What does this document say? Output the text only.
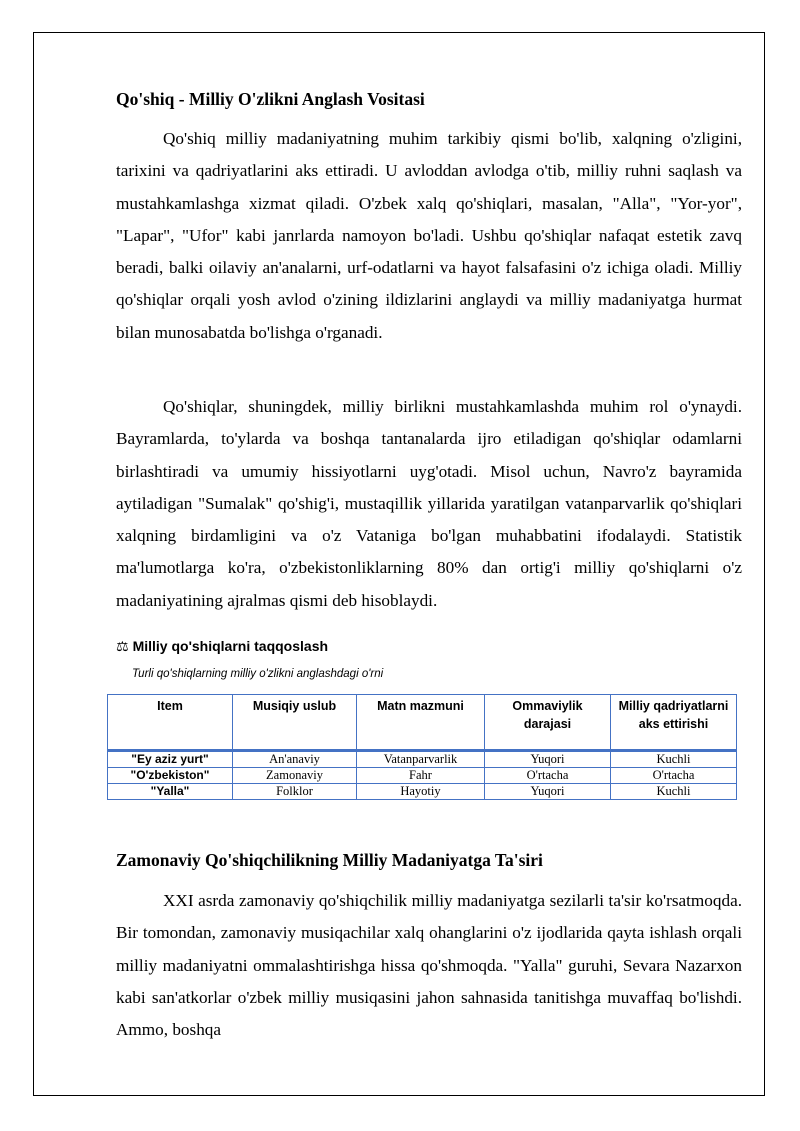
Qo'shiq - Milliy O'zlikni Anglash Vositasi

Qo'shiq milliy madaniyatning muhim tarkibiy qismi bo'lib, xalqning o'zligini, tarixini va qadriyatlarini aks ettiradi. U avloddan avlodga o'tib, milliy ruhni saqlash va mustahkamlashga xizmat qiladi. O'zbek xalq qo'shiqlari, masalan, "Alla", "Yor-yor", "Lapar", "Ufor" kabi janrlarda namoyon bo'ladi. Ushbu qo'shiqlar nafaqat estetik zavq beradi, balki oilaviy an'analarni, urf-odatlarni va hayot falsafasini o'z ichiga oladi. Milliy qo'shiqlar orqali yosh avlod o'zining ildizlarini anglaydi va milliy madaniyatga hurmat bilan munosabatda bo'lishga o'rganadi.

Qo'shiqlar, shuningdek, milliy birlikni mustahkamlashda muhim rol o'ynaydi. Bayramlarda, to'ylarda va boshqa tantanalarda ijro etiladigan qo'shiqlar odamlarni birlashtiradi va umumiy hissiyotlarni uyg'otadi. Misol uchun, Navro'z bayramida aytiladigan "Sumalak" qo'shig'i, mustaqillik yillarida yaratilgan vatanparvarlik qo'shiqlari xalqning birdamligini va o'z Vataniga bo'lgan muhabbatini ifodalaydi. Statistik ma'lumotlarga ko'ra, o'zbekistonliklarning 80% dan ortig'i milliy qo'shiqlarni o'z madaniyatining ajralmas qismi deb hisoblaydi.

⚖ Milliy qo'shiqlarni taqqoslash
Turli qo'shiqlarning milliy o'zlikni anglashdagi o'rni
Item	Musiqiy uslub	Matn mazmuni	Ommaviylik darajasi	Milliy qadriyatlarni aks ettirishi
"Ey aziz yurt"	An'anaviy	Vatanparvarlik	Yuqori	Kuchli
"O'zbekiston"	Zamonaviy	Fahr	O'rtacha	O'rtacha
"Yalla"	Folklor	Hayotiy	Yuqori	Kuchli
Zamonaviy Qo'shiqchilikning Milliy Madaniyatga Ta'siri

XXI asrda zamonaviy qo'shiqchilik milliy madaniyatga sezilarli ta'sir ko'rsatmoqda. Bir tomondan, zamonaviy musiqachilar xalq ohanglarini o'z ijodlarida qayta ishlash orqali milliy madaniyatni ommalashtirishga hissa qo'shmoqda. "Yalla" guruhi, Sevara Nazarxon kabi san'atkorlar o'zbek milliy musiqasini jahon sahnasida tanitishga muvaffaq bo'lishdi. Ammo, boshqa
